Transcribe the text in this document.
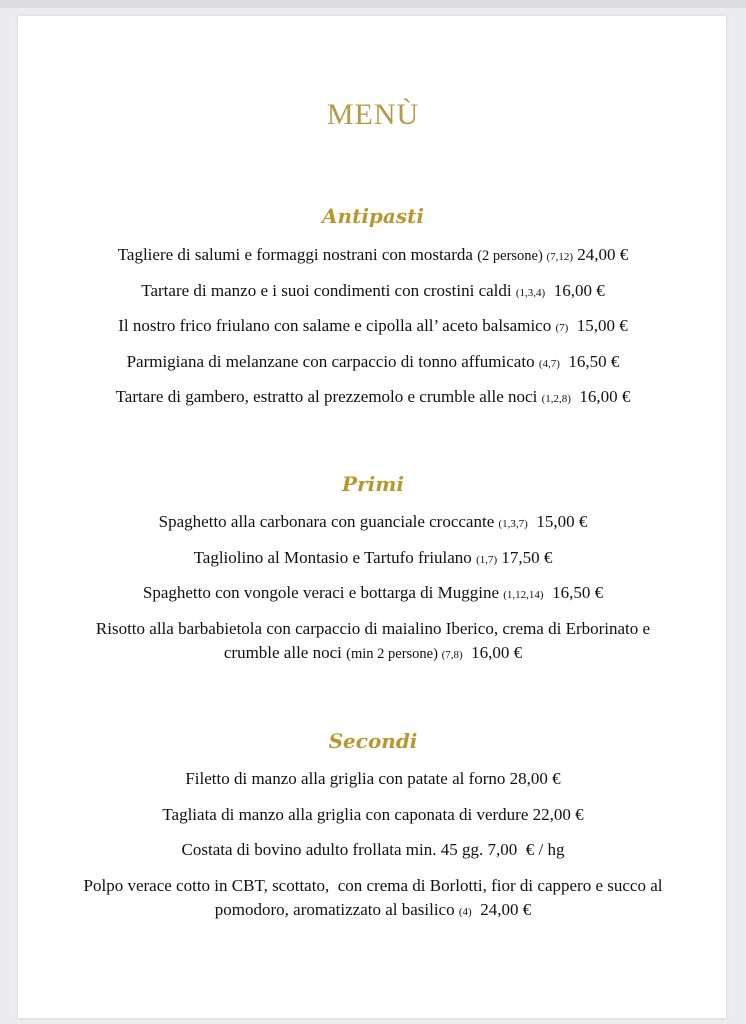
MENÙ
Antipasti
Tagliere di salumi e formaggi nostrani con mostarda (2 persone) (7,12) 24,00 €
Tartare di manzo e i suoi condimenti con crostini caldi (1,3,4)  16,00 €
Il nostro frico friulano con salame e cipolla all’ aceto balsamico (7)  15,00 €
Parmigiana di melanzane con carpaccio di tonno affumicato (4,7)  16,50 €
Tartare di gambero, estratto al prezzemolo e crumble alle noci (1,2,8)  16,00 €
Primi
Spaghetto alla carbonara con guanciale croccante (1,3,7)  15,00 €
Tagliolino al Montasio e Tartufo friulano (1,7) 17,50 €
Spaghetto con vongole veraci e bottarga di Muggine (1,12,14)  16,50 €
Risotto alla barbabietola con carpaccio di maialino Iberico, crema di Erborinato e crumble alle noci (min 2 persone) (7,8)  16,00 €
Secondi
Filetto di manzo alla griglia con patate al forno 28,00 €
Tagliata di manzo alla griglia con caponata di verdure 22,00 €
Costata di bovino adulto frollata min. 45 gg. 7,00  € / hg
Polpo verace cotto in CBT, scottato,  con crema di Borlotti, fior di cappero e succo al pomodoro, aromatizzato al basilico (4)  24,00 €
